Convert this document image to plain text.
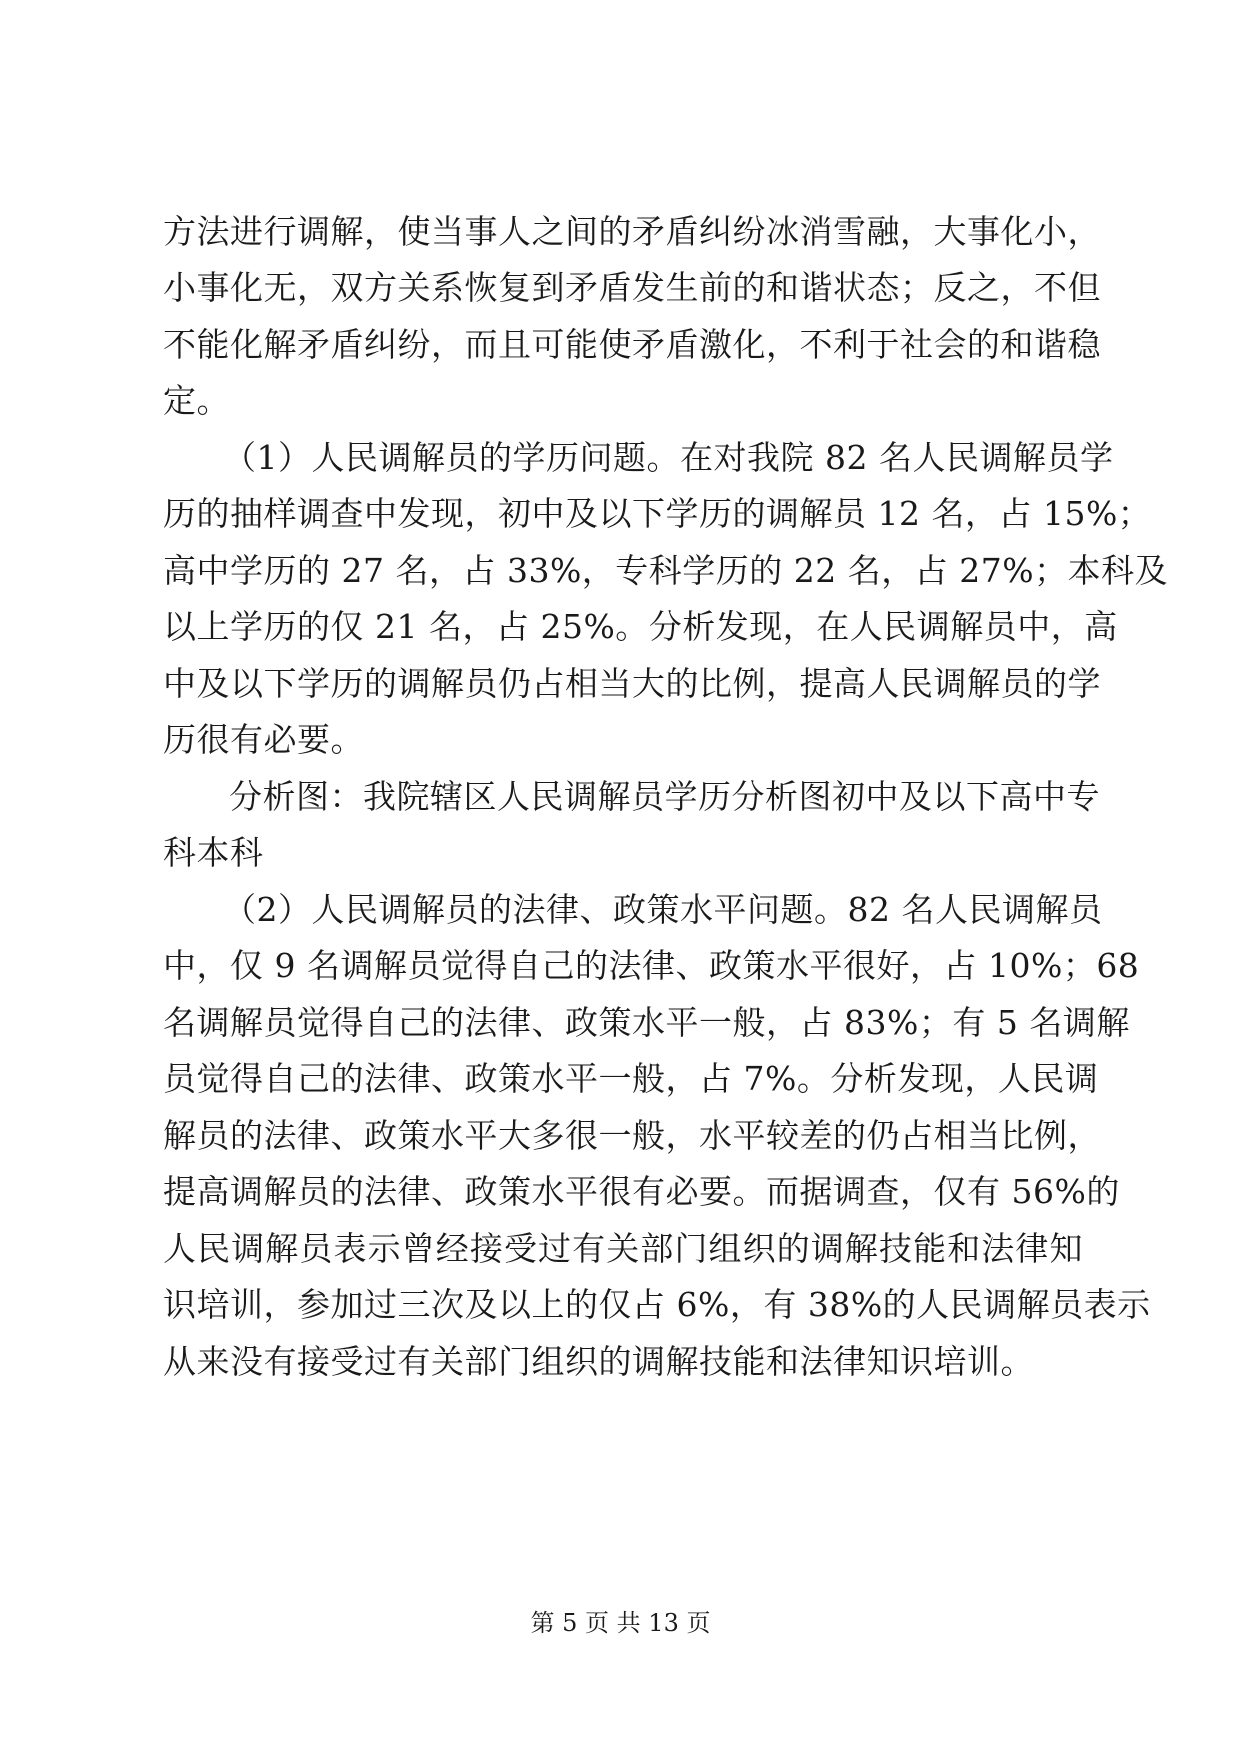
方法进行调解，使当事人之间的矛盾纠纷冰消雪融，大事化小，
小事化无，双方关系恢复到矛盾发生前的和谐状态；反之，不但
不能化解矛盾纠纷，而且可能使矛盾激化，不利于社会的和谐稳
定。
（1）人民调解员的学历问题。在对我院 82 名人民调解员学
历的抽样调查中发现，初中及以下学历的调解员 12 名，占 15%；
高中学历的 27 名，占 33%，专科学历的 22 名，占 27%；本科及
以上学历的仅 21 名，占 25%。分析发现，在人民调解员中，高
中及以下学历的调解员仍占相当大的比例，提高人民调解员的学
历很有必要。
分析图：我院辖区人民调解员学历分析图初中及以下高中专
科本科
（2）人民调解员的法律、政策水平问题。82 名人民调解员
中，仅 9 名调解员觉得自己的法律、政策水平很好，占 10%；68
名调解员觉得自己的法律、政策水平一般，占 83%；有 5 名调解
员觉得自己的法律、政策水平一般，占 7%。分析发现，人民调
解员的法律、政策水平大多很一般，水平较差的仍占相当比例，
提高调解员的法律、政策水平很有必要。而据调查，仅有 56%的
人民调解员表示曾经接受过有关部门组织的调解技能和法律知
识培训，参加过三次及以上的仅占 6%，有 38%的人民调解员表示
从来没有接受过有关部门组织的调解技能和法律知识培训。
第 5 页 共 13 页
